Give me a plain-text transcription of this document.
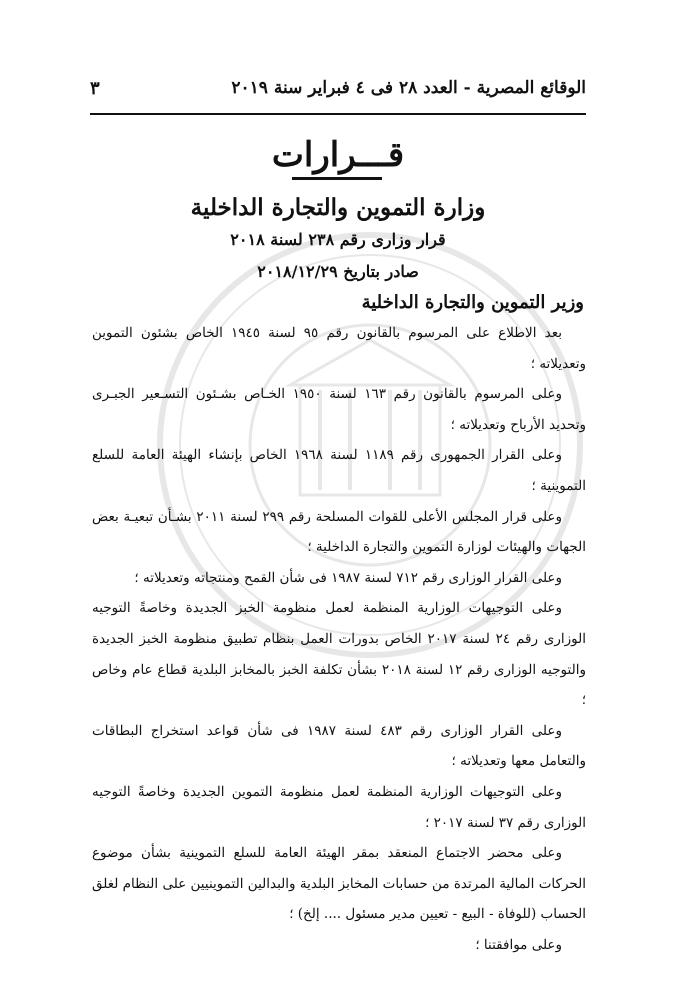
الوقائع المصرية - العدد ٢٨ فى ٤ فبراير سنة ٢٠١٩
٣
قـــرارات
وزارة التموين والتجارة الداخلية
قرار وزارى رقم ٢٣٨ لسنة ٢٠١٨
صادر بتاريخ ٢٠١٨/١٢/٢٩
وزير التموين والتجارة الداخلية

بعد الاطلاع على المرسوم بالقانون رقم ٩٥ لسنة ١٩٤٥ الخاص بشئون التموين وتعديلاته ؛

وعلى المرسوم بالقانون رقم ١٦٣ لسنة ١٩٥٠ الخـاص بشـئون التسـعير الجبـرى وتحديد الأرباح وتعديلاته ؛

وعلى القرار الجمهورى رقم ١١٨٩ لسنة ١٩٦٨ الخاص بإنشاء الهيئة العامة للسلع التموينية ؛

وعلى قرار المجلس الأعلى للقوات المسلحة رقم ٢٩٩ لسنة ٢٠١١ بشـأن تبعيـة بعض الجهات والهيئات لوزارة التموين والتجارة الداخلية ؛

وعلى القرار الوزارى رقم ٧١٢ لسنة ١٩٨٧ فى شأن القمح ومنتجاته وتعديلاته ؛

وعلى التوجيهات الوزارية المنظمة لعمل منظومة الخبز الجديدة وخاصةً التوجيه الوزارى رقم ٢٤ لسنة ٢٠١٧ الخاص بدورات العمل بنظام تطبيق منظومة الخبز الجديدة والتوجيه الوزارى رقم ١٢ لسنة ٢٠١٨ بشأن تكلفة الخبز بالمخابز البلدية قطاع عام وخاص ؛

وعلى القرار الوزارى رقم ٤٨٣ لسنة ١٩٨٧ فى شأن قواعد استخراج البطاقات والتعامل معها وتعديلاته ؛

وعلى التوجيهات الوزارية المنظمة لعمل منظومة التموين الجديدة وخاصةً التوجيه الوزارى رقم ٣٧ لسنة ٢٠١٧ ؛

وعلى محضر الاجتماع المنعقد بمقر الهيئة العامة للسلع التموينية بشأن موضوع الحركات المالية المرتدة من حسابات المخابز البلدية والبدالين التموينيين على النظام لغلق الحساب (للوفاة - البيع - تعيين مدير مسئول .... إلخ) ؛

وعلى موافقتنا ؛
